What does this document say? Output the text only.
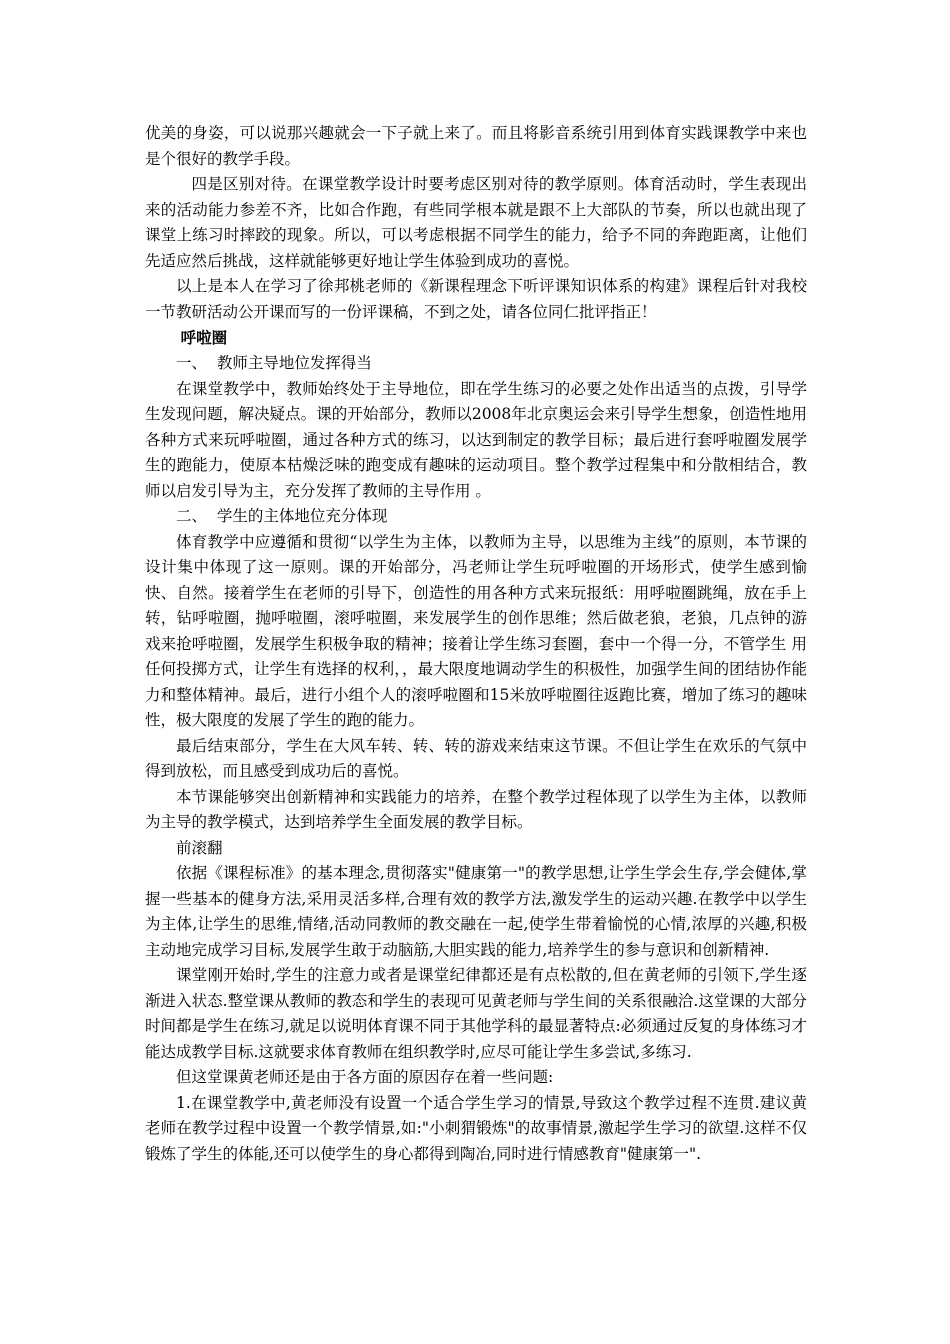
优美的身姿，可以说那兴趣就会一下子就上来了。而且将影音系统引用到体育实践课教学中来也是个很好的教学手段。

四是区别对待。在课堂教学设计时要考虑区别对待的教学原则。体育活动时，学生表现出来的活动能力参差不齐，比如合作跑，有些同学根本就是跟不上大部队的节奏，所以也就出现了课堂上练习时摔跤的现象。所以，可以考虑根据不同学生的能力，给予不同的奔跑距离，让他们先适应然后挑战，这样就能够更好地让学生体验到成功的喜悦。

以上是本人在学习了徐邦桃老师的《新课程理念下听评课知识体系的构建》课程后针对我校一节教研活动公开课而写的一份评课稿，不到之处，请各位同仁批评指正！

呼啦圈

一、  教师主导地位发挥得当

在课堂教学中，教师始终处于主导地位，即在学生练习的必要之处作出适当的点拨，引导学生发现问题，解决疑点。课的开始部分，教师以2008年北京奥运会来引导学生想象，创造性地用各种方式来玩呼啦圈，通过各种方式的练习，以达到制定的教学目标；最后进行套呼啦圈发展学生的跑能力，使原本枯燥泛味的跑变成有趣味的运动项目。整个教学过程集中和分散相结合，教师以启发引导为主，充分发挥了教师的主导作用 。

二、  学生的主体地位充分体现

体育教学中应遵循和贯彻“以学生为主体，以教师为主导，以思维为主线”的原则，本节课的设计集中体现了这一原则。课的开始部分，冯老师让学生玩呼啦圈的开场形式，使学生感到愉快、自然。接着学生在老师的引导下，创造性的用各种方式来玩报纸：用呼啦圈跳绳，放在手上转，钻呼啦圈，抛呼啦圈，滚呼啦圈，来发展学生的创作思维；然后做老狼，老狼，几点钟的游戏来抢呼啦圈，发展学生积极争取的精神；接着让学生练习套圈，套中一个得一分，不管学生 用任何投掷方式，让学生有选择的权利，，最大限度地调动学生的积极性，加强学生间的团结协作能力和整体精神。最后，进行小组个人的滚呼啦圈和15米放呼啦圈往返跑比赛，增加了练习的趣味性，极大限度的发展了学生的跑的能力。

最后结束部分，学生在大风车转、转、转的游戏来结束这节课。不但让学生在欢乐的气氛中得到放松，而且感受到成功后的喜悦。

本节课能够突出创新精神和实践能力的培养，在整个教学过程体现了以学生为主体，以教师为主导的教学模式，达到培养学生全面发展的教学目标。

前滚翻

依据《课程标准》的基本理念,贯彻落实"健康第一"的教学思想,让学生学会生存,学会健体,掌握一些基本的健身方法,采用灵活多样,合理有效的教学方法,激发学生的运动兴趣.在教学中以学生为主体,让学生的思维,情绪,活动同教师的教交融在一起,使学生带着愉悦的心情,浓厚的兴趣,积极主动地完成学习目标,发展学生敢于动脑筋,大胆实践的能力,培养学生的参与意识和创新精神.

课堂刚开始时,学生的注意力或者是课堂纪律都还是有点松散的,但在黄老师的引领下,学生逐渐进入状态.整堂课从教师的教态和学生的表现可见黄老师与学生间的关系很融洽.这堂课的大部分时间都是学生在练习,就足以说明体育课不同于其他学科的最显著特点:必须通过反复的身体练习才能达成教学目标.这就要求体育教师在组织教学时,应尽可能让学生多尝试,多练习.

但这堂课黄老师还是由于各方面的原因存在着一些问题:

1.在课堂教学中,黄老师没有设置一个适合学生学习的情景,导致这个教学过程不连贯.建议黄老师在教学过程中设置一个教学情景,如:"小刺猬锻炼"的故事情景,激起学生学习的欲望.这样不仅锻炼了学生的体能,还可以使学生的身心都得到陶冶,同时进行情感教育"健康第一".
